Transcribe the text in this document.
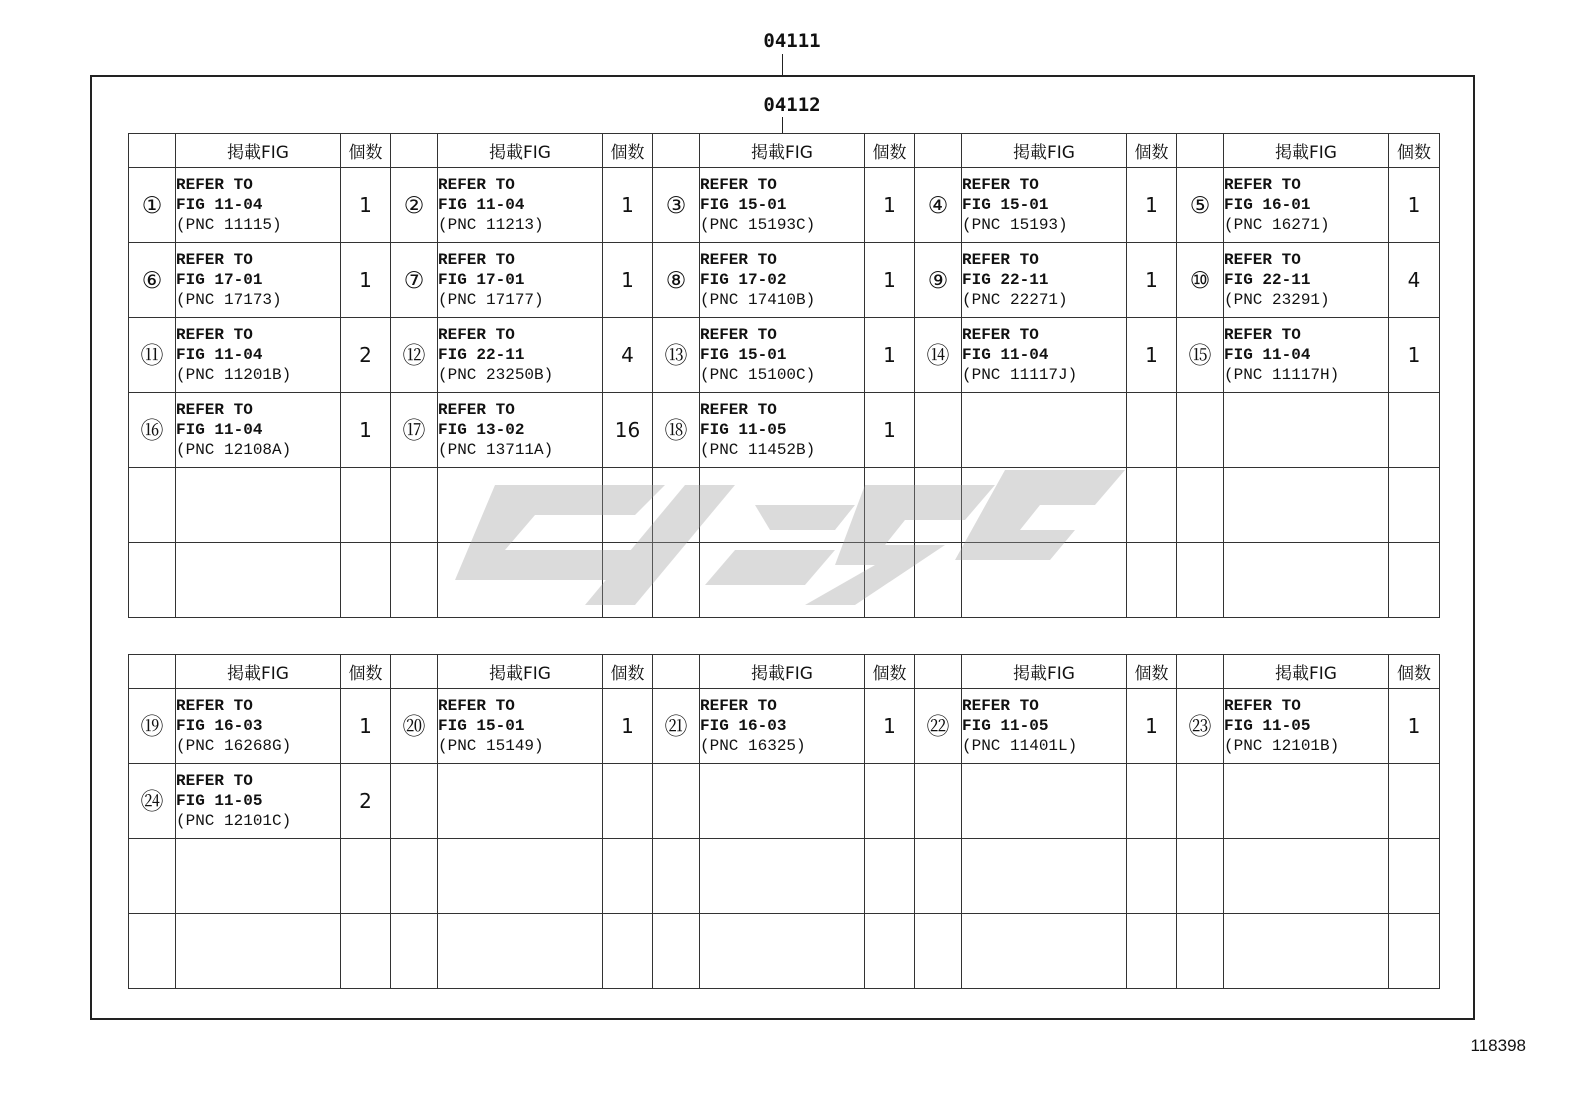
04111
04112
	掲載FIG	個数		掲載FIG	個数		掲載FIG	個数		掲載FIG	個数		掲載FIG	個数
①	REFER TO
FIG 11-04
(PNC 11115)	1	②	REFER TO
FIG 11-04
(PNC 11213)	1	③	REFER TO
FIG 15-01
(PNC 15193C)	1	④	REFER TO
FIG 15-01
(PNC 15193)	1	⑤	REFER TO
FIG 16-01
(PNC 16271)	1
⑥	REFER TO
FIG 17-01
(PNC 17173)	1	⑦	REFER TO
FIG 17-01
(PNC 17177)	1	⑧	REFER TO
FIG 17-02
(PNC 17410B)	1	⑨	REFER TO
FIG 22-11
(PNC 22271)	1	⑩	REFER TO
FIG 22-11
(PNC 23291)	4
⑪	REFER TO
FIG 11-04
(PNC 11201B)	2	⑫	REFER TO
FIG 22-11
(PNC 23250B)	4	⑬	REFER TO
FIG 15-01
(PNC 15100C)	1	⑭	REFER TO
FIG 11-04
(PNC 11117J)	1	⑮	REFER TO
FIG 11-04
(PNC 11117H)	1
⑯	REFER TO
FIG 11-04
(PNC 12108A)	1	⑰	REFER TO
FIG 13-02
(PNC 13711A)	16	⑱	REFER TO
FIG 11-05
(PNC 11452B)	1		

	掲載FIG	個数		掲載FIG	個数		掲載FIG	個数		掲載FIG	個数		掲載FIG	個数
⑲	REFER TO
FIG 16-03
(PNC 16268G)	1	⑳	REFER TO
FIG 15-01
(PNC 15149)	1	㉑	REFER TO
FIG 16-03
(PNC 16325)	1	㉒	REFER TO
FIG 11-05
(PNC 11401L)	1	㉓	REFER TO
FIG 11-05
(PNC 12101B)	1
㉔	REFER TO
FIG 11-05
(PNC 12101C)	2		

118398
